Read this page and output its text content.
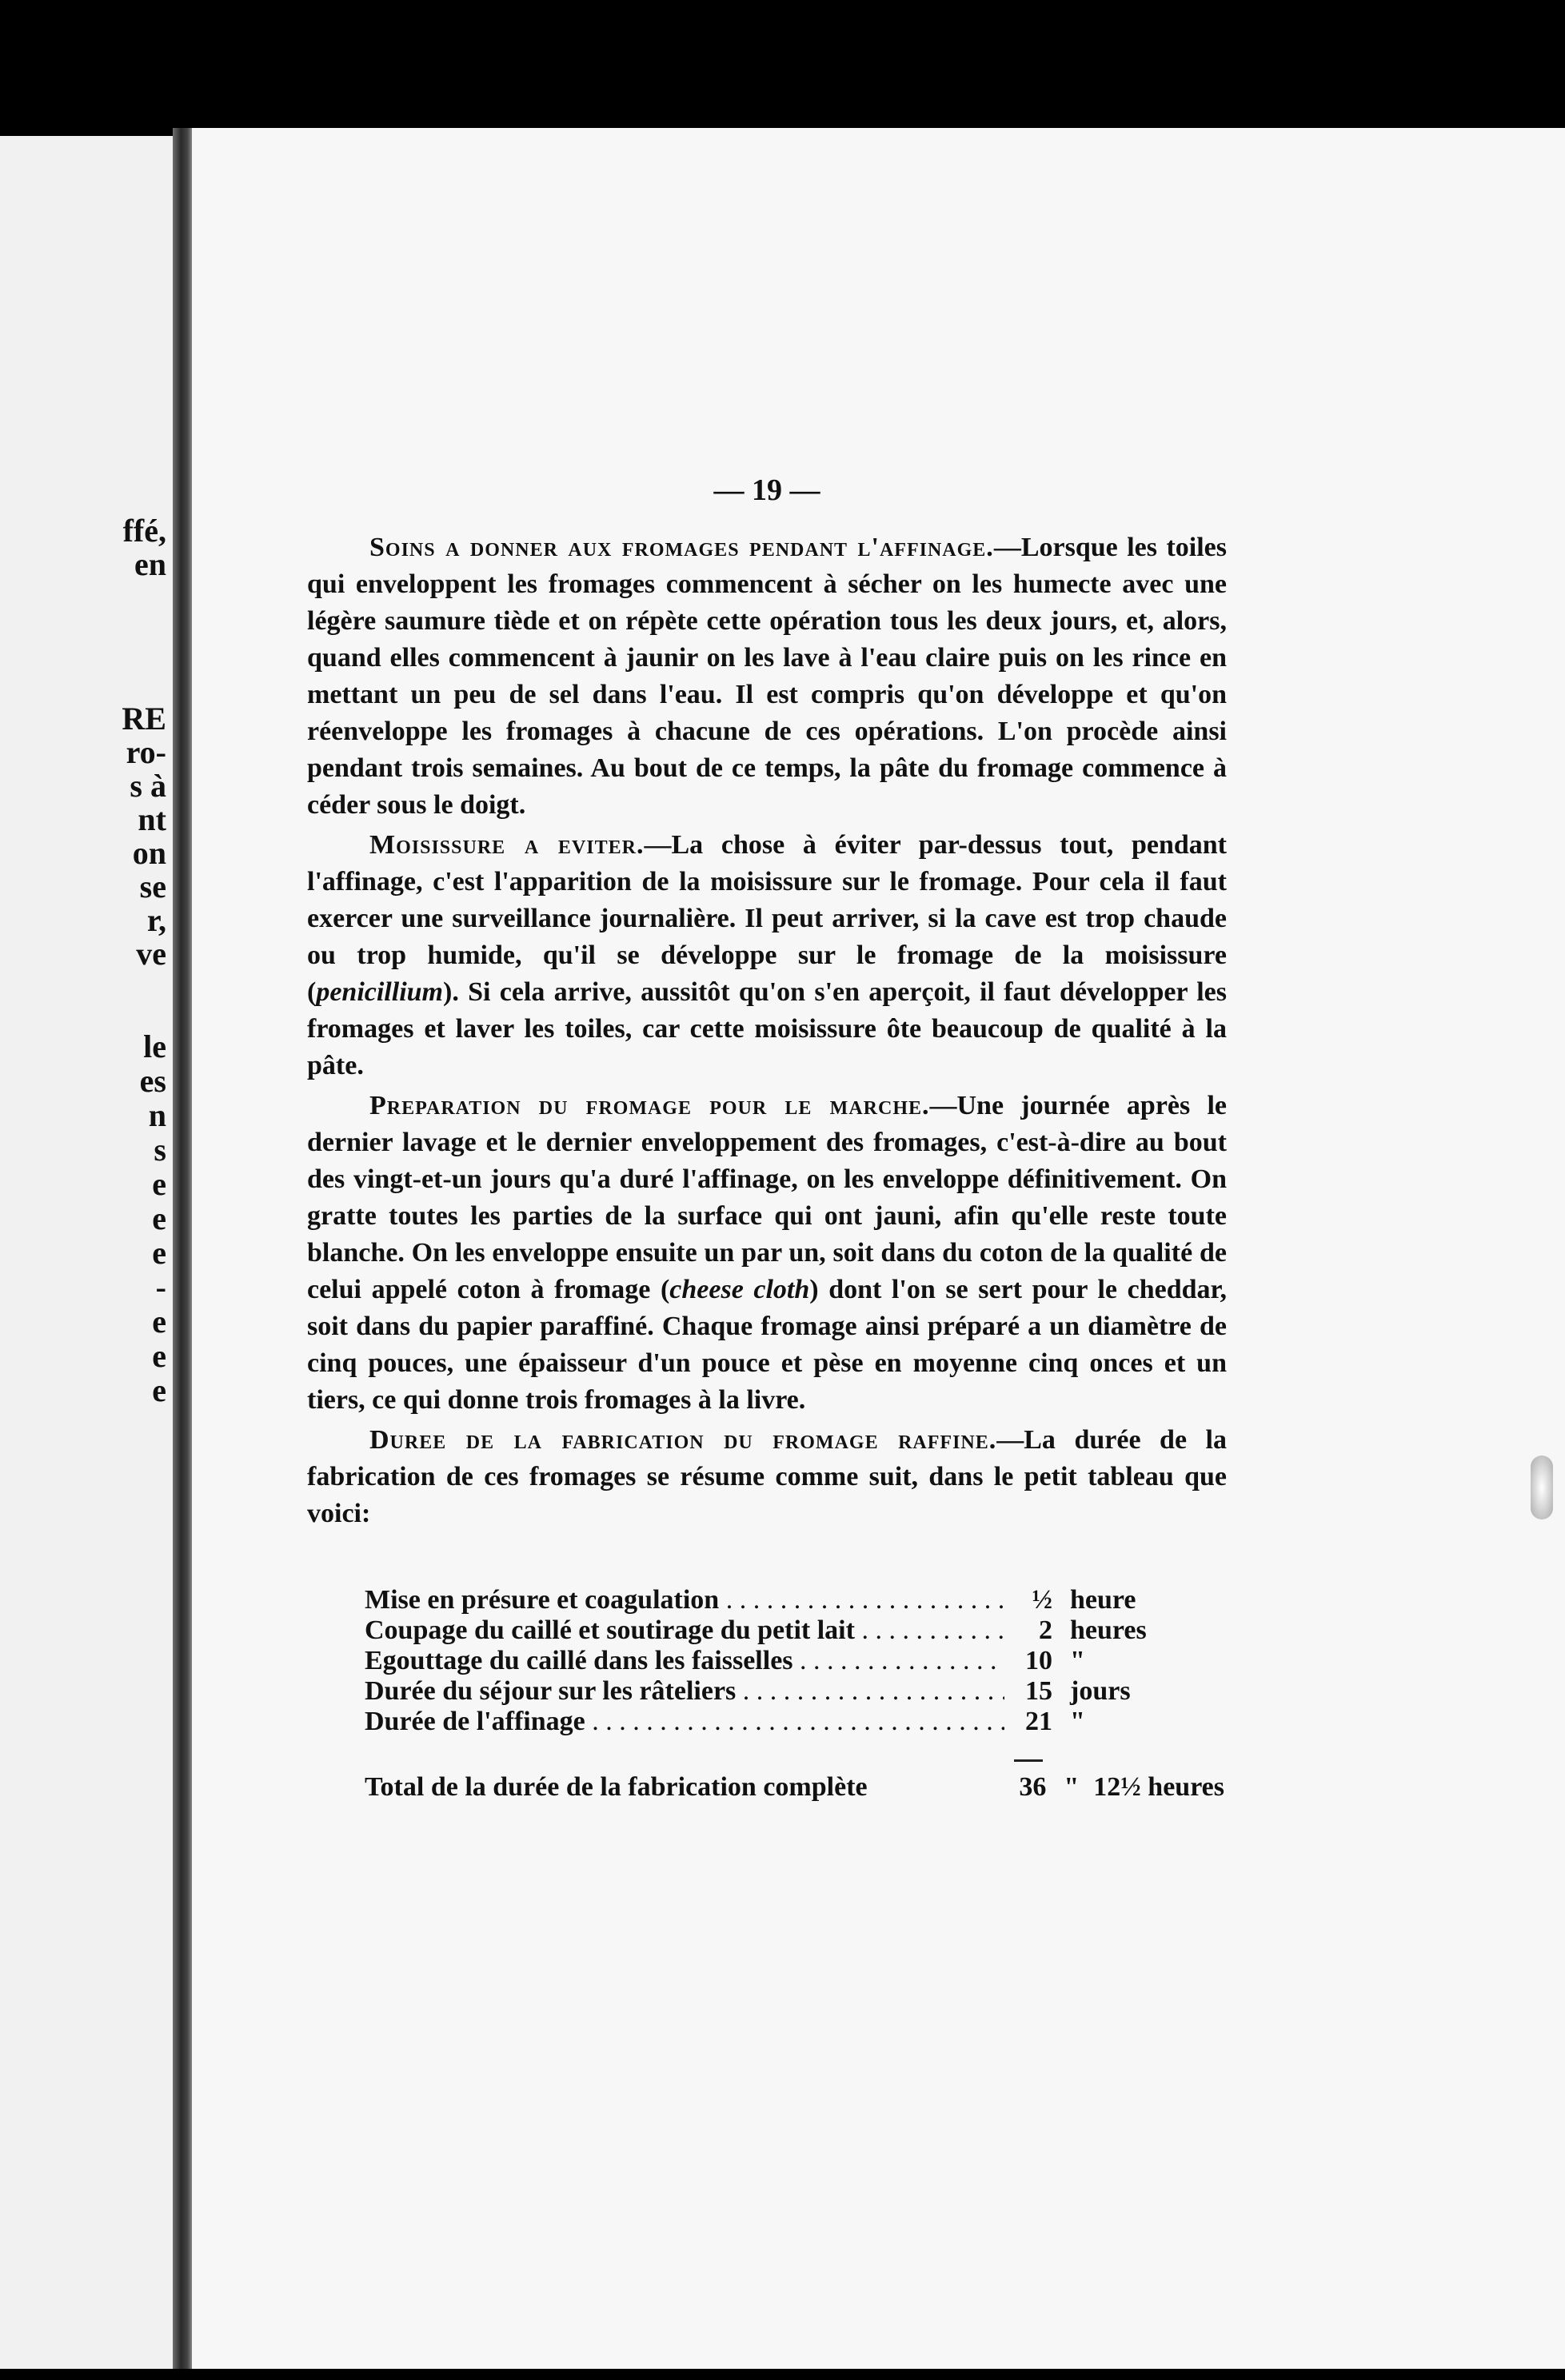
ffé,
en
RE
ro-
s à
nt
on
se
r,
ve
le
es
n
s
e
e
e
-
e
e
e
— 19 —

Soins a donner aux fromages pendant l'affinage.—Lorsque les toiles qui enveloppent les fromages commencent à sécher on les humecte avec une légère saumure tiède et on répète cette opération tous les deux jours, et, alors, quand elles commencent à jaunir on les lave à l'eau claire puis on les rince en mettant un peu de sel dans l'eau. Il est compris qu'on développe et qu'on réenveloppe les fromages à chacune de ces opérations. L'on procède ainsi pendant trois semaines. Au bout de ce temps, la pâte du fromage commence à céder sous le doigt.

Moisissure a eviter.—La chose à éviter par-dessus tout, pendant l'affinage, c'est l'apparition de la moisissure sur le fromage. Pour cela il faut exercer une surveillance journalière. Il peut arriver, si la cave est trop chaude ou trop humide, qu'il se développe sur le fromage de la moisissure (penicillium). Si cela arrive, aussitôt qu'on s'en aperçoit, il faut développer les fromages et laver les toiles, car cette moisissure ôte beaucoup de qualité à la pâte.

Preparation du fromage pour le marche.—Une journée après le dernier lavage et le dernier enveloppement des fromages, c'est-à-dire au bout des vingt-et-un jours qu'a duré l'affinage, on les enveloppe définitivement. On gratte toutes les parties de la surface qui ont jauni, afin qu'elle reste toute blanche. On les enveloppe ensuite un par un, soit dans du coton de la qualité de celui appelé coton à fromage (cheese cloth) dont l'on se sert pour le cheddar, soit dans du papier paraffiné. Chaque fromage ainsi préparé a un diamètre de cinq pouces, une épaisseur d'un pouce et pèse en moyenne cinq onces et un tiers, ce qui donne trois fromages à la livre.

Duree de la fabrication du fromage raffine.—La durée de la fabrication de ces fromages se résume comme suit, dans le petit tableau que voici:

Mise en présure et coagulation . . .	½ heure
Coupage du caillé et soutirage du petit lait . . .	2 heures
Egouttage du caillé dans les faisselles . . .	10 "
Durée du séjour sur les râteliers . . .	15 jours
Durée de l'affinage . . .	21 "
Total de la durée de la fabrication complète	36 " 12½ heures
